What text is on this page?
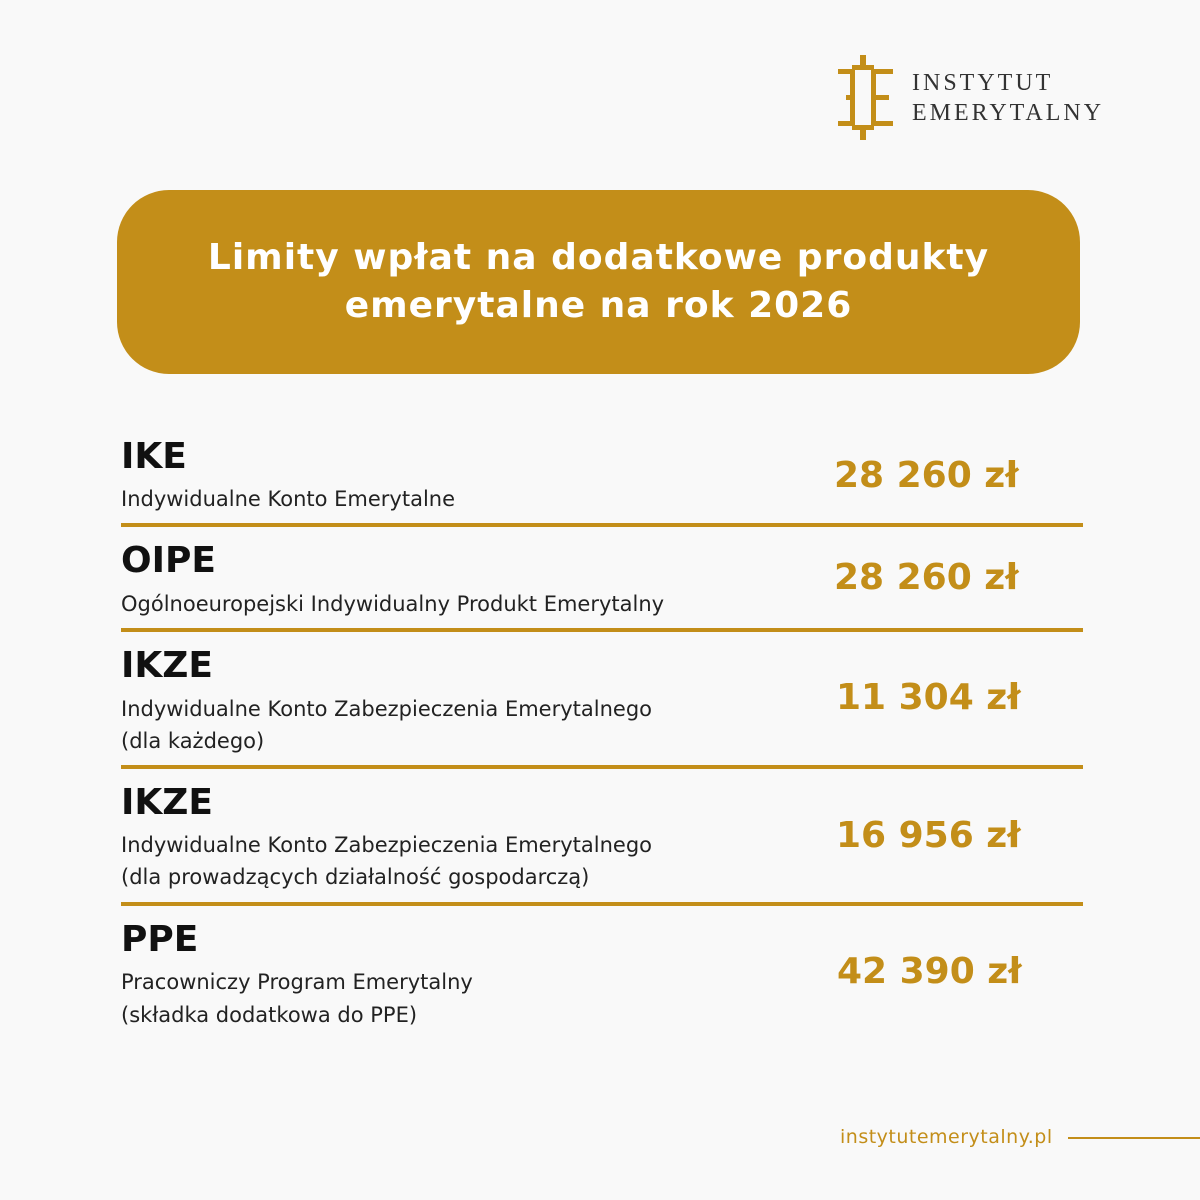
INSTYTUT
EMERYTALNY
Limity wpłat na dodatkowe produkty emerytalne na rok 2026
IKE
Indywidualne Konto Emerytalne
28 260 zł
OIPE
Ogólnoeuropejski Indywidualny Produkt Emerytalny
28 260 zł
IKZE
Indywidualne Konto Zabezpieczenia Emerytalnego
(dla każdego)
11 304 zł
IKZE
Indywidualne Konto Zabezpieczenia Emerytalnego
(dla prowadzących działalność gospodarczą)
16 956 zł
PPE
Pracowniczy Program Emerytalny
(składka dodatkowa do PPE)
42 390 zł
instytutemerytalny.pl
